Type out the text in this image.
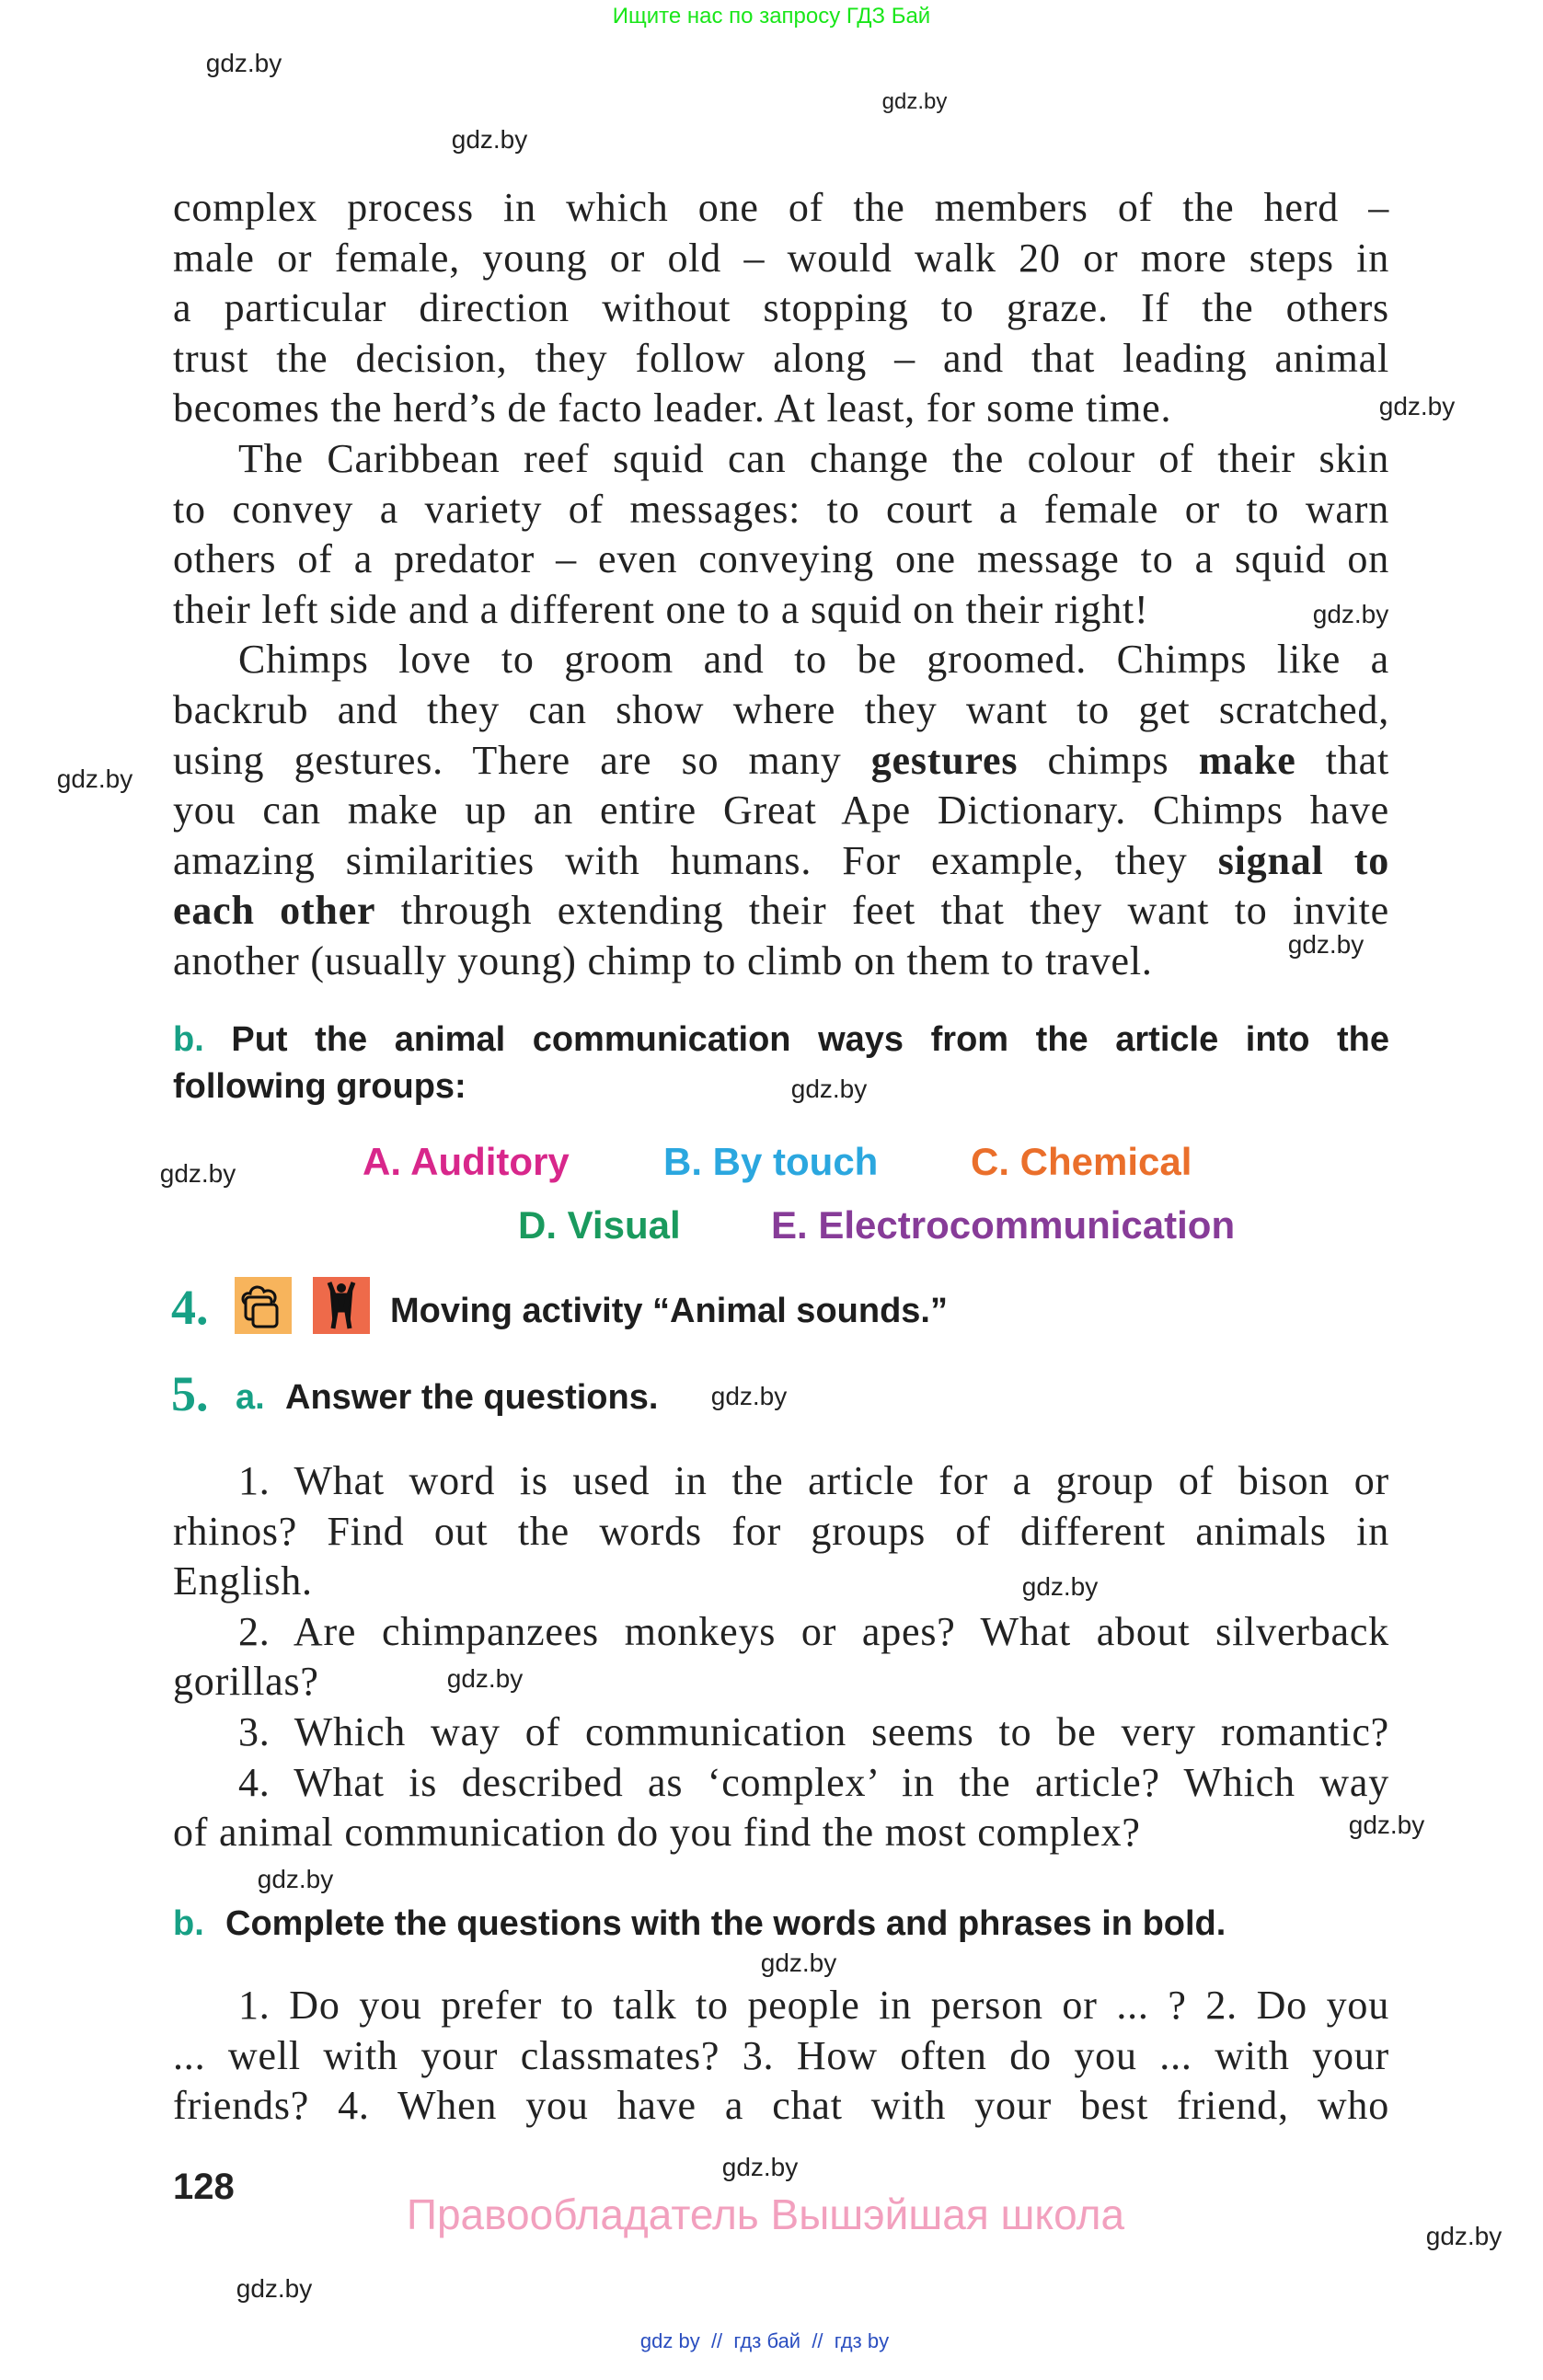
Ищите нас по запросу ГДЗ Бай
gdz.by
gdz.by
gdz.by
gdz.by
gdz.by
gdz.by
gdz.by
gdz.by
gdz.by
gdz.by
gdz.by
gdz.by
gdz.by
gdz.by
gdz.by
gdz.by
gdz.by
gdz.by
complex process in which one of the members of the herd –
male or female, young or old – would walk 20 or more steps in
a particular direction without stopping to graze. If the others
trust the decision, they follow along – and that leading animal
becomes the herd’s de facto leader. At least, for some time.
The Caribbean reef squid can change the colour of their skin
to convey a variety of messages: to court a female or to warn
others of a predator – even conveying one message to a squid on
their left side and a different one to a squid on their right!
Chimps love to groom and to be groomed. Chimps like a
backrub and they can show where they want to get scratched,
using gestures. There are so many gestures chimps make that
you can make up an entire Great Ape Dictionary. Chimps have
amazing similarities with humans. For example, they signal to
each other through extending their feet that they want to invite
another (usually young) chimp to climb on them to travel.
b. Put the animal communication ways from the article into the
following groups:
A. Auditory B. By touch C. Chemical
D. Visual E. Electrocommunication
4.	Moving activity “Animal sounds.”
5. a. Answer the questions.
1. What word is used in the article for a group of bison or
rhinos? Find out the words for groups of different animals in
English.
2. Are chimpanzees monkeys or apes? What about silverback
gorillas?
3. Which way of communication seems to be very romantic?
4. What is described as ‘complex’ in the article? Which way
of animal communication do you find the most complex?
b. Complete the questions with the words and phrases in bold.
1. Do you prefer to talk to people in person or ... ? 2. Do you
... well with your classmates? 3. How often do you ... with your
friends? 4. When you have a chat with your best friend, who
128
Правообладатель Вышэйшая школа
gdz by  //  гдз бай  //  гдз by
